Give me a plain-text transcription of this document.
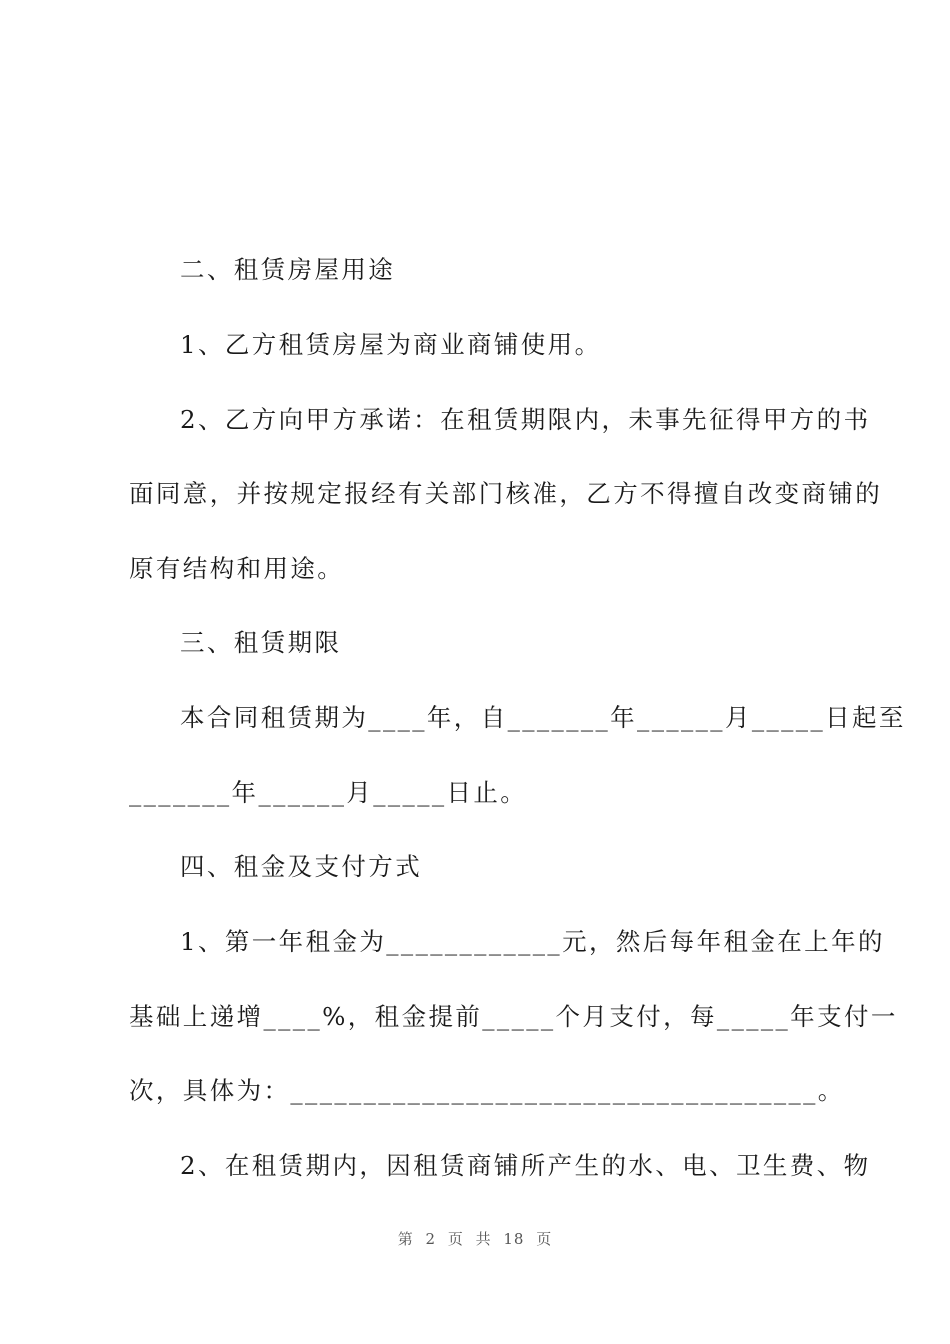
二、租赁房屋用途
1、乙方租赁房屋为商业商铺使用。
2、乙方向甲方承诺：在租赁期限内，未事先征得甲方的书
面同意，并按规定报经有关部门核准，乙方不得擅自改变商铺的
原有结构和用途。
三、租赁期限
本合同租赁期为____年，自_______年______月_____日起至
_______年______月_____日止。
四、租金及支付方式
1、第一年租金为____________元，然后每年租金在上年的
基础上递增____%，租金提前_____个月支付，每_____年支付一
次，具体为：____________________________________。
2、在租赁期内，因租赁商铺所产生的水、电、卫生费、物
第 2 页 共 18 页
